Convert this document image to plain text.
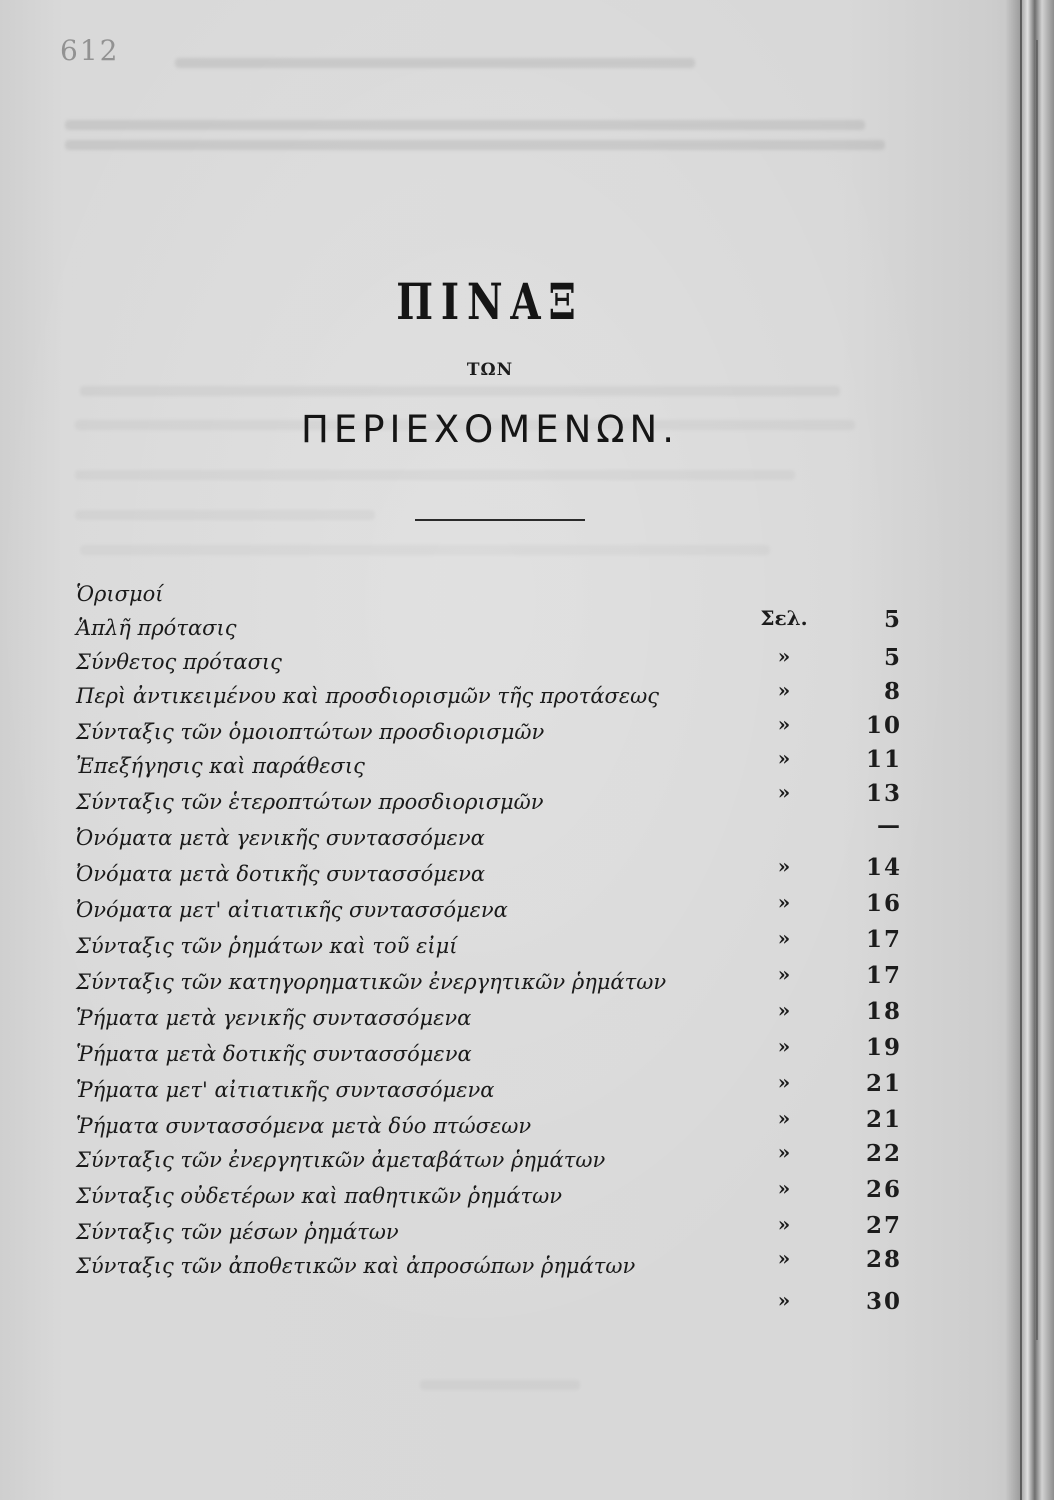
612
ΠΙΝΑΞ
ΤΩΝ
ΠΕΡΙΕΧΟΜΕΝΩΝ.
Ὁρισμοί
Ἁπλῆ πρότασις	Σελ.	5
Σύνθετος πρότασις	»	5
Περὶ ἀντικειμένου καὶ προσδιορισμῶν τῆς προτάσεως	»	8
Σύνταξις τῶν ὁμοιοπτώτων προσδιορισμῶν	»	10
Ἐπεξήγησις καὶ παράθεσις	»	11
Σύνταξις τῶν ἑτεροπτώτων προσδιορισμῶν	»	13
Ὀνόματα μετὰ γενικῆς συντασσόμενα	—
Ὀνόματα μετὰ δοτικῆς συντασσόμενα	»	14
Ὀνόματα μετ' αἰτιατικῆς συντασσόμενα	»	16
Σύνταξις τῶν ῥημάτων καὶ τοῦ εἰμί	»	17
Σύνταξις τῶν κατηγορηματικῶν ἐνεργητικῶν ῥημάτων	»	17
Ῥήματα μετὰ γενικῆς συντασσόμενα	»	18
Ῥήματα μετὰ δοτικῆς συντασσόμενα	»	19
Ῥήματα μετ' αἰτιατικῆς συντασσόμενα	»	21
Ῥήματα συντασσόμενα μετὰ δύο πτώσεων	»	21
Σύνταξις τῶν ἐνεργητικῶν ἀμεταβάτων ῥημάτων	»	22
Σύνταξις οὐδετέρων καὶ παθητικῶν ῥημάτων	»	26
Σύνταξις τῶν μέσων ῥημάτων	»	27
Σύνταξις τῶν ἀποθετικῶν καὶ ἀπροσώπων ῥημάτων	»	28
»	30
